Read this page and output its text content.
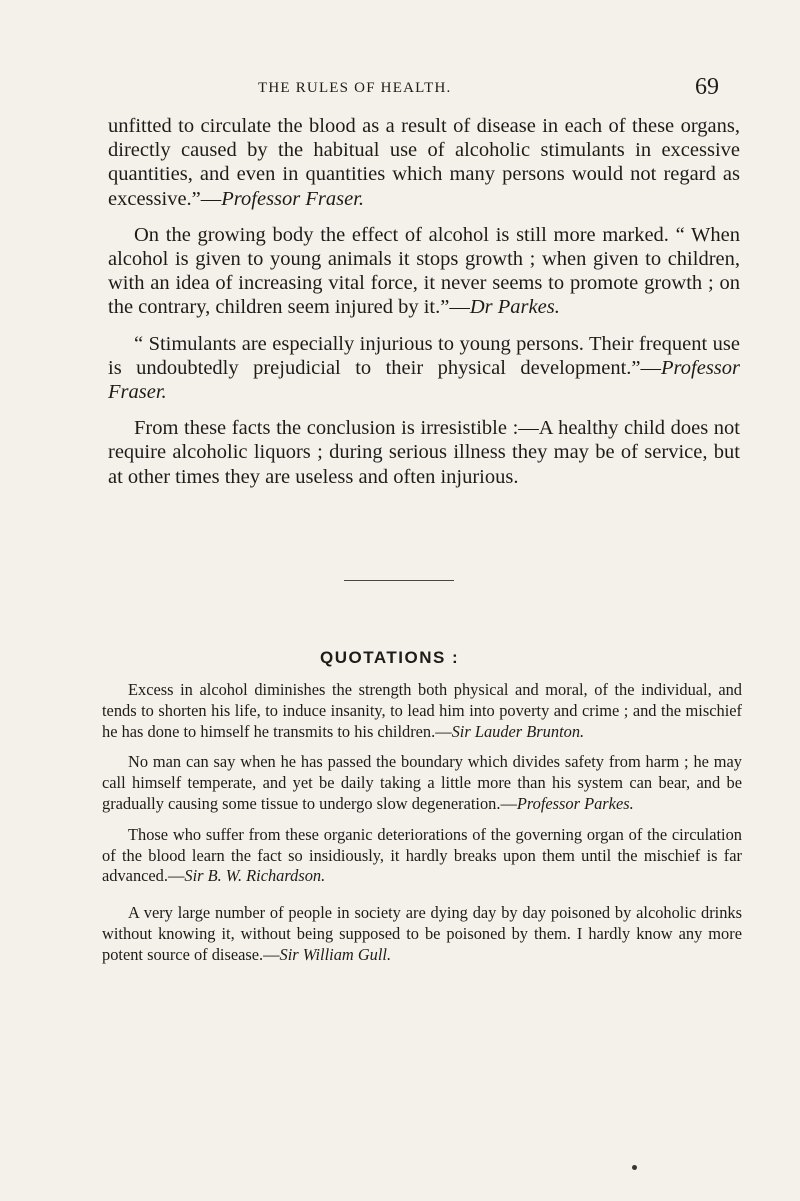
THE RULES OF HEALTH.	69

unfitted to circulate the blood as a result of disease in each of these organs, directly caused by the habitual use of alcoholic stimulants in excessive quantities, and even in quantities which many persons would not regard as excessive.”—Professor Fraser.

On the growing body the effect of alcohol is still more marked. “ When alcohol is given to young animals it stops growth ; when given to children, with an idea of increasing vital force, it never seems to promote growth ; on the contrary, children seem injured by it.”—Dr Parkes.

“ Stimulants are especially injurious to young persons. Their frequent use is undoubtedly prejudicial to their physical development.”—Professor Fraser.

From these facts the conclusion is irresistible :—A healthy child does not require alcoholic liquors ; during serious illness they may be of service, but at other times they are useless and often injurious.

QUOTATIONS :

Excess in alcohol diminishes the strength both physical and moral, of the individual, and tends to shorten his life, to induce insanity, to lead him into poverty and crime ; and the mischief he has done to himself he transmits to his children.—Sir Lauder Brunton.

No man can say when he has passed the boundary which divides safety from harm ; he may call himself temperate, and yet be daily taking a little more than his system can bear, and be gradually causing some tissue to undergo slow degeneration.—Professor Parkes.

Those who suffer from these organic deteriorations of the governing organ of the circulation of the blood learn the fact so insidiously, it hardly breaks upon them until the mischief is far advanced.—Sir B. W. Richardson.

A very large number of people in society are dying day by day poisoned by alcoholic drinks without knowing it, without being supposed to be poisoned by them. I hardly know any more potent source of disease.—Sir William Gull.
